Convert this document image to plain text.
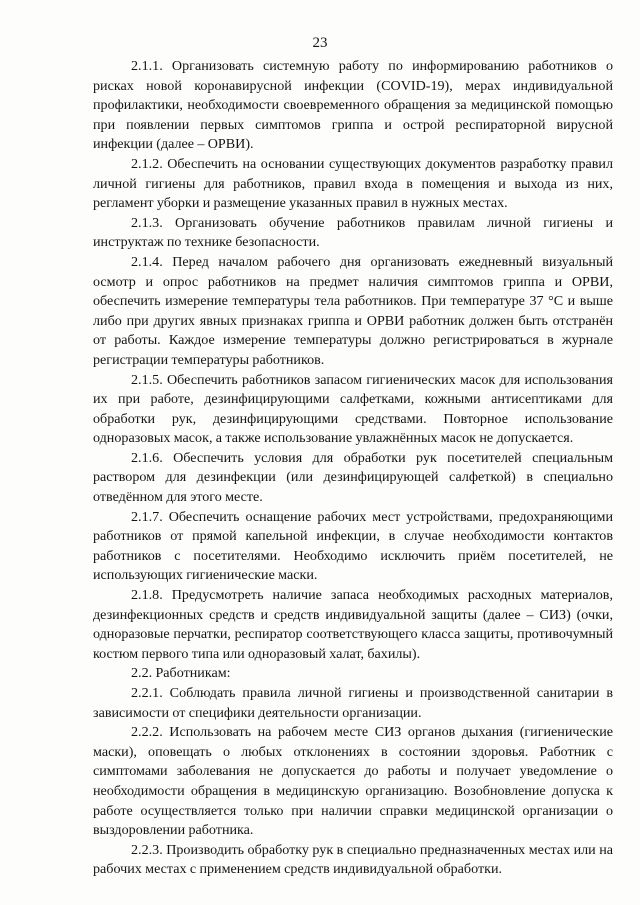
23

2.1.1. Организовать системную работу по информированию работников о рисках новой коронавирусной инфекции (COVID-19), мерах индивидуальной профилактики, необходимости своевременного обращения за медицинской помощью при появлении первых симптомов гриппа и острой респираторной вирусной инфекции (далее – ОРВИ).

2.1.2. Обеспечить на основании существующих документов разработку правил личной гигиены для работников, правил входа в помещения и выхода из них, регламент уборки и размещение указанных правил в нужных местах.

2.1.3. Организовать обучение работников правилам личной гигиены и инструктаж по технике безопасности.

2.1.4. Перед началом рабочего дня организовать ежедневный визуальный осмотр и опрос работников на предмет наличия симптомов гриппа и ОРВИ, обеспечить измерение температуры тела работников. При температуре 37 °С и выше либо при других явных признаках гриппа и ОРВИ работник должен быть отстранён от работы. Каждое измерение температуры должно регистрироваться в журнале регистрации температуры работников.

2.1.5. Обеспечить работников запасом гигиенических масок для использования их при работе, дезинфицирующими салфетками, кожными антисептиками для обработки рук, дезинфицирующими средствами. Повторное использование одноразовых масок, а также использование увлажнённых масок не допускается.

2.1.6. Обеспечить условия для обработки рук посетителей специальным раствором для дезинфекции (или дезинфицирующей салфеткой) в специально отведённом для этого месте.

2.1.7. Обеспечить оснащение рабочих мест устройствами, предохраняющими работников от прямой капельной инфекции, в случае необходимости контактов работников с посетителями. Необходимо исключить приём посетителей, не использующих гигиенические маски.

2.1.8. Предусмотреть наличие запаса необходимых расходных материалов, дезинфекционных средств и средств индивидуальной защиты (далее – СИЗ) (очки, одноразовые перчатки, респиратор соответствующего класса защиты, противочумный костюм первого типа или одноразовый халат, бахилы).

2.2. Работникам:

2.2.1. Соблюдать правила личной гигиены и производственной санитарии в зависимости от специфики деятельности организации.

2.2.2. Использовать на рабочем месте СИЗ органов дыхания (гигиенические маски), оповещать о любых отклонениях в состоянии здоровья. Работник с симптомами заболевания не допускается до работы и получает уведомление о необходимости обращения в медицинскую организацию. Возобновление допуска к работе осуществляется только при наличии справки медицинской организации о выздоровлении работника.

2.2.3. Производить обработку рук в специально предназначенных местах или на рабочих местах с применением средств индивидуальной обработки.
